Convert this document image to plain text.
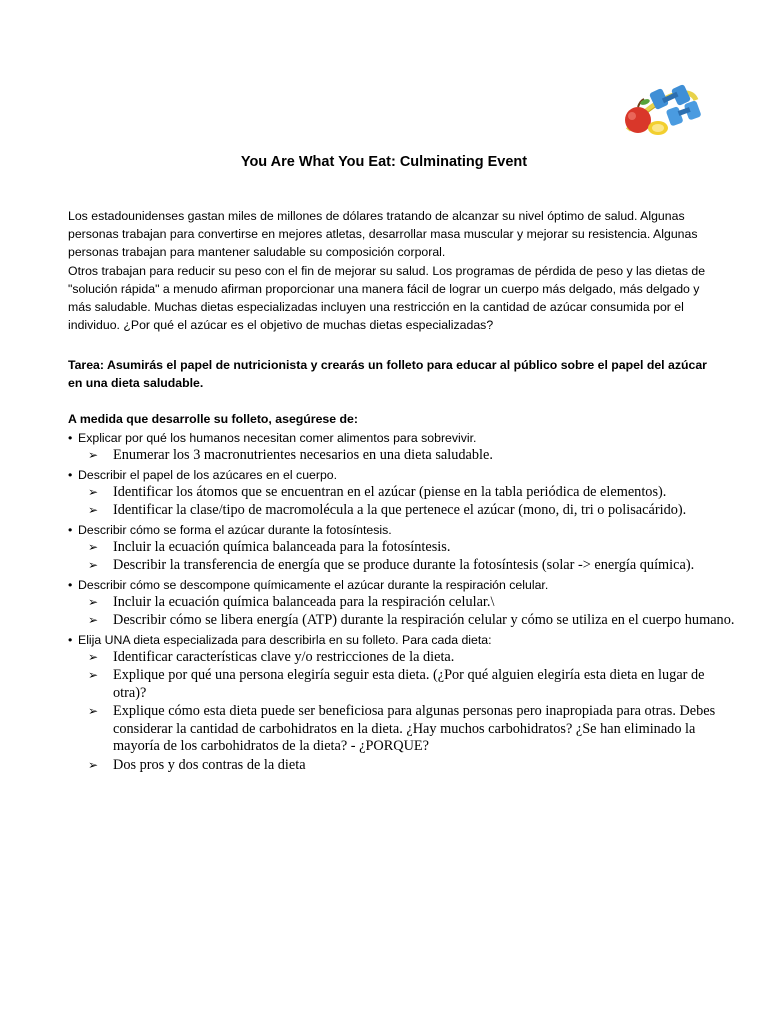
You Are What You Eat: Culminating Event

Los estadounidenses gastan miles de millones de dólares tratando de alcanzar su nivel óptimo de salud. Algunas personas trabajan para convertirse en mejores atletas, desarrollar masa muscular y mejorar su resistencia. Algunas personas trabajan para mantener saludable su composición corporal.

Otros trabajan para reducir su peso con el fin de mejorar su salud. Los programas de pérdida de peso y las dietas de "solución rápida" a menudo afirman proporcionar una manera fácil de lograr un cuerpo más delgado, más delgado y más saludable. Muchas dietas especializadas incluyen una restricción en la cantidad de azúcar consumida por el individuo. ¿Por qué el azúcar es el objetivo de muchas dietas especializadas?

Tarea: Asumirás el papel de nutricionista y crearás un folleto para educar al público sobre el papel del azúcar en una dieta saludable.
A medida que desarrolle su folleto, asegúrese de:
• Explicar por qué los humanos necesitan comer alimentos para sobrevivir.
➢ Enumerar los 3 macronutrientes necesarios en una dieta saludable.
• Describir el papel de los azúcares en el cuerpo.
➢ Identificar los átomos que se encuentran en el azúcar (piense en la tabla periódica de elementos).
➢ Identificar la clase/tipo de macromolécula a la que pertenece el azúcar (mono, di, tri o polisacárido).
• Describir cómo se forma el azúcar durante la fotosíntesis.
➢ Incluir la ecuación química balanceada para la fotosíntesis.
➢ Describir la transferencia de energía que se produce durante la fotosíntesis (solar -> energía química).
• Describir cómo se descompone químicamente el azúcar durante la respiración celular.
➢ Incluir la ecuación química balanceada para la respiración celular.\
➢ Describir cómo se libera energía (ATP) durante la respiración celular y cómo se utiliza en el cuerpo humano.
• Elija UNA dieta especializada para describirla en su folleto. Para cada dieta:
➢ Identificar características clave y/o restricciones de la dieta.
➢ Explique por qué una persona elegiría seguir esta dieta. (¿Por qué alguien elegiría esta dieta en lugar de otra)?
➢ Explique cómo esta dieta puede ser beneficiosa para algunas personas pero inapropiada para otras. Debes considerar la cantidad de carbohidratos en la dieta. ¿Hay muchos carbohidratos? ¿Se han eliminado la mayoría de los carbohidratos de la dieta? - ¿PORQUE?
➢ Dos pros y dos contras de la dieta
